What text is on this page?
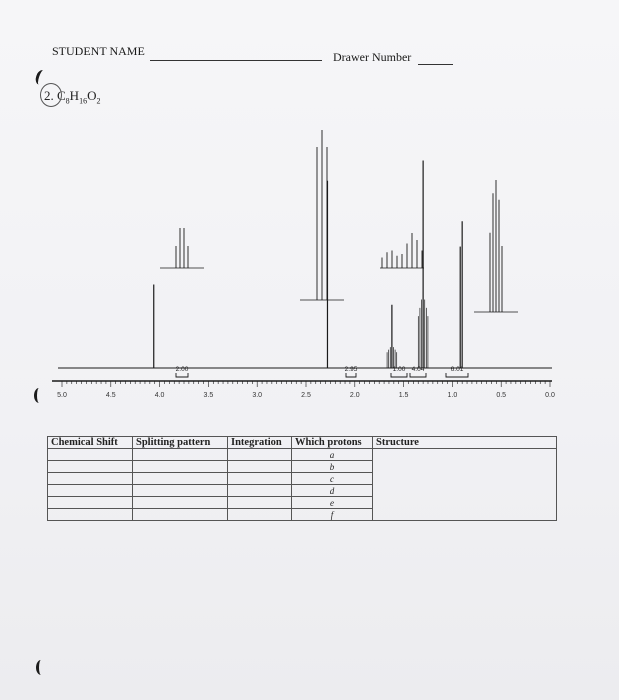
STUDENT NAME	Drawer Number
2. $C_8H_{16}O_2$
5.0	4.5	4.0	3.5	3.0	2.5	2.0	1.5	1.0	0.5	0.0
2.00	2.95	1.00 4.04	6.01
Chemical Shift	Splitting pattern	Integration	Which protons	Structure
			a	
			b	
			c	
			d	
			e	
			f	
